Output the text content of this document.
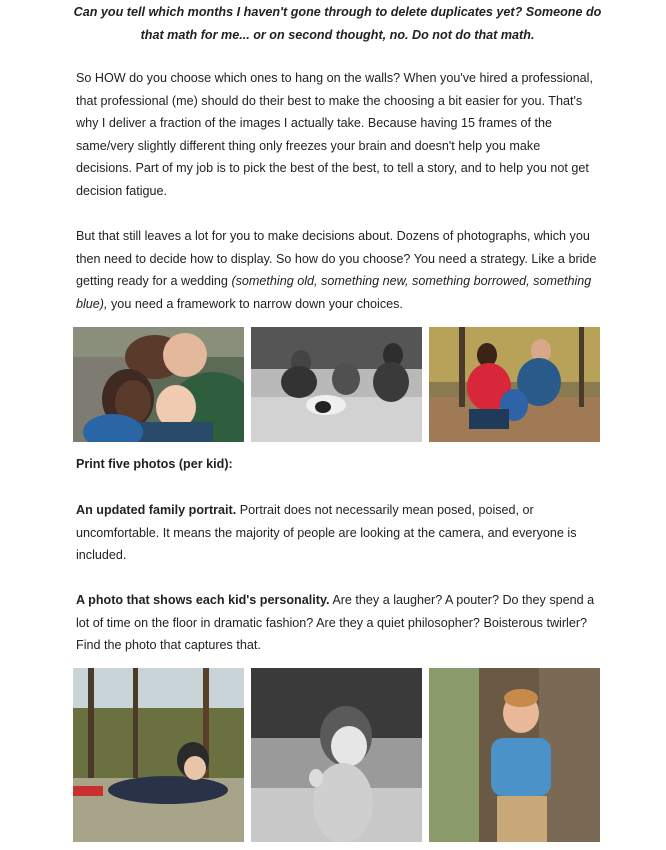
Can you tell which months I haven't gone through to delete duplicates yet? Someone do that math for me... or on second thought, no. Do not do that math.

So HOW do you choose which ones to hang on the walls? When you've hired a professional, that professional (me) should do their best to make the choosing a bit easier for you. That's why I deliver a fraction of the images I actually take. Because having 15 frames of the same/very slightly different thing only freezes your brain and doesn't help you make decisions. Part of my job is to pick the best of the best, to tell a story, and to help you not get decision fatigue.

But that still leaves a lot for you to make decisions about. Dozens of photographs, which you then need to decide how to display. So how do you choose? You need a strategy. Like a bride getting ready for a wedding (something old, something new, something borrowed, something blue), you need a framework to narrow down your choices.

Print five photos (per kid):

An updated family portrait. Portrait does not necessarily mean posed, poised, or uncomfortable. It means the majority of people are looking at the camera, and everyone is included.

A photo that shows each kid's personality. Are they a laugher? A pouter? Do they spend a lot of time on the floor in dramatic fashion? Are they a quiet philosopher? Boisterous twirler? Find the photo that captures that.
